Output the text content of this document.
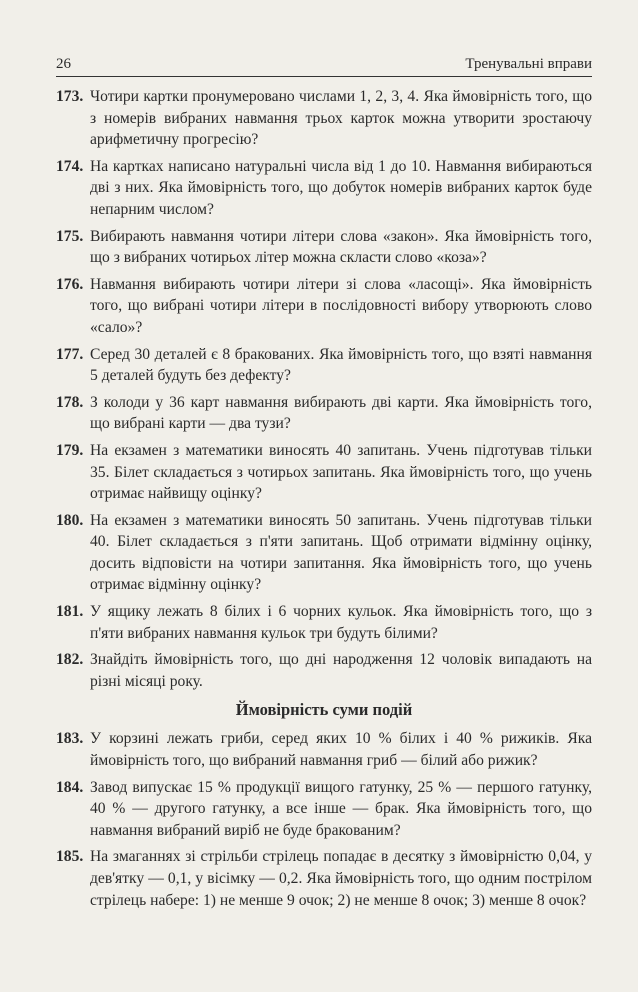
26	Тренувальні вправи

173. Чотири картки пронумеровано числами 1, 2, 3, 4. Яка ймовірність того, що з номерів вибраних навмання трьох карток можна утворити зростаючу арифметичну прогресію?

174. На картках написано натуральні числа від 1 до 10. Навмання вибираються дві з них. Яка ймовірність того, що добуток номерів вибраних карток буде непарним числом?

175. Вибирають навмання чотири літери слова «закон». Яка ймовірність того, що з вибраних чотирьох літер можна скласти слово «коза»?

176. Навмання вибирають чотири літери зі слова «ласощі». Яка ймовірність того, що вибрані чотири літери в послідовності вибору утворюють слово «сало»?

177. Серед 30 деталей є 8 бракованих. Яка ймовірність того, що взяті навмання 5 деталей будуть без дефекту?

178. З колоди у 36 карт навмання вибирають дві карти. Яка ймовірність того, що вибрані карти — два тузи?

179. На екзамен з математики виносять 40 запитань. Учень підготував тільки 35. Білет складається з чотирьох запитань. Яка ймовірність того, що учень отримає найвищу оцінку?

180. На екзамен з математики виносять 50 запитань. Учень підготував тільки 40. Білет складається з п'яти запитань. Щоб отримати відмінну оцінку, досить відповісти на чотири запитання. Яка ймовірність того, що учень отримає відмінну оцінку?

181. У ящику лежать 8 білих і 6 чорних кульок. Яка ймовірність того, що з п'яти вибраних навмання кульок три будуть білими?

182. Знайдіть ймовірність того, що дні народження 12 чоловік випадають на різні місяці року.

Ймовірність суми подій

183. У корзині лежать гриби, серед яких 10 % білих і 40 % рижиків. Яка ймовірність того, що вибраний навмання гриб — білий або рижик?

184. Завод випускає 15 % продукції вищого гатунку, 25 % — першого гатунку, 40 % — другого гатунку, а все інше — брак. Яка ймовірність того, що навмання вибраний виріб не буде бракованим?

185. На змаганнях зі стрільби стрілець попадає в десятку з ймовірністю 0,04, у дев'ятку — 0,1, у вісімку — 0,2. Яка ймовірність того, що одним пострілом стрілець набере: 1) не менше 9 очок; 2) не менше 8 очок; 3) менше 8 очок?
